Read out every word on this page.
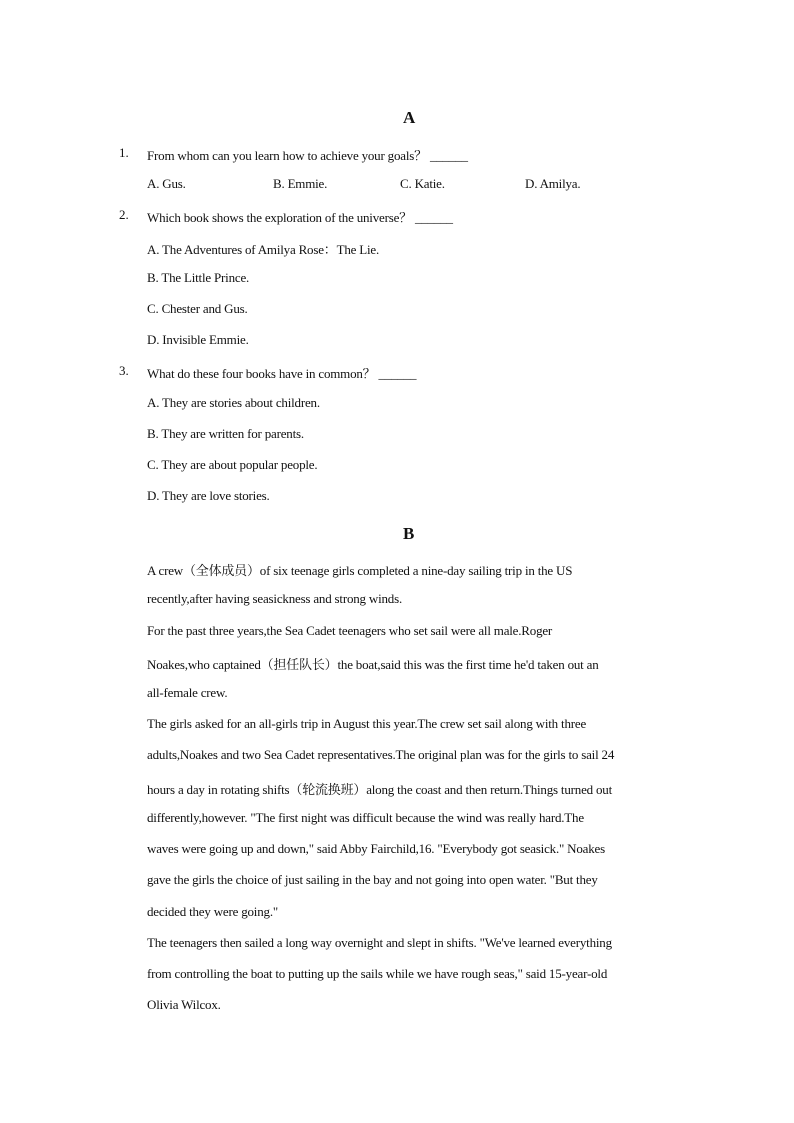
A
1. From whom can you learn how to achieve your goals？ ______
A. Gus.	B. Emmie.	C. Katie.	D. Amilya.
2. Which book shows the exploration of the universe？ ______
A. The Adventures of Amilya Rose：The Lie.
B. The Little Prince.
C. Chester and Gus.
D. Invisible Emmie.
3. What do these four books have in common？ ______
A. They are stories about children.
B. They are written for parents.
C. They are about popular people.
D. They are love stories.
B
A crew（全体成员）of six teenage girls completed a nine-day sailing trip in the US
recently,after having seasickness and strong winds.
For the past three years,the Sea Cadet teenagers who set sail were all male.Roger
Noakes,who captained（担任队长）the boat,said this was the first time he'd taken out an
all-female crew.
The girls asked for an all-girls trip in August this year.The crew set sail along with three
adults,Noakes and two Sea Cadet representatives.The original plan was for the girls to sail 24
hours a day in rotating shifts（轮流换班）along the coast and then return.Things turned out
differently,however. "The first night was difficult because the wind was really hard.The
waves were going up and down," said Abby Fairchild,16. "Everybody got seasick." Noakes
gave the girls the choice of just sailing in the bay and not going into open water. "But they
decided they were going."
The teenagers then sailed a long way overnight and slept in shifts. "We've learned everything
from controlling the boat to putting up the sails while we have rough seas," said 15-year-old
Olivia Wilcox.
